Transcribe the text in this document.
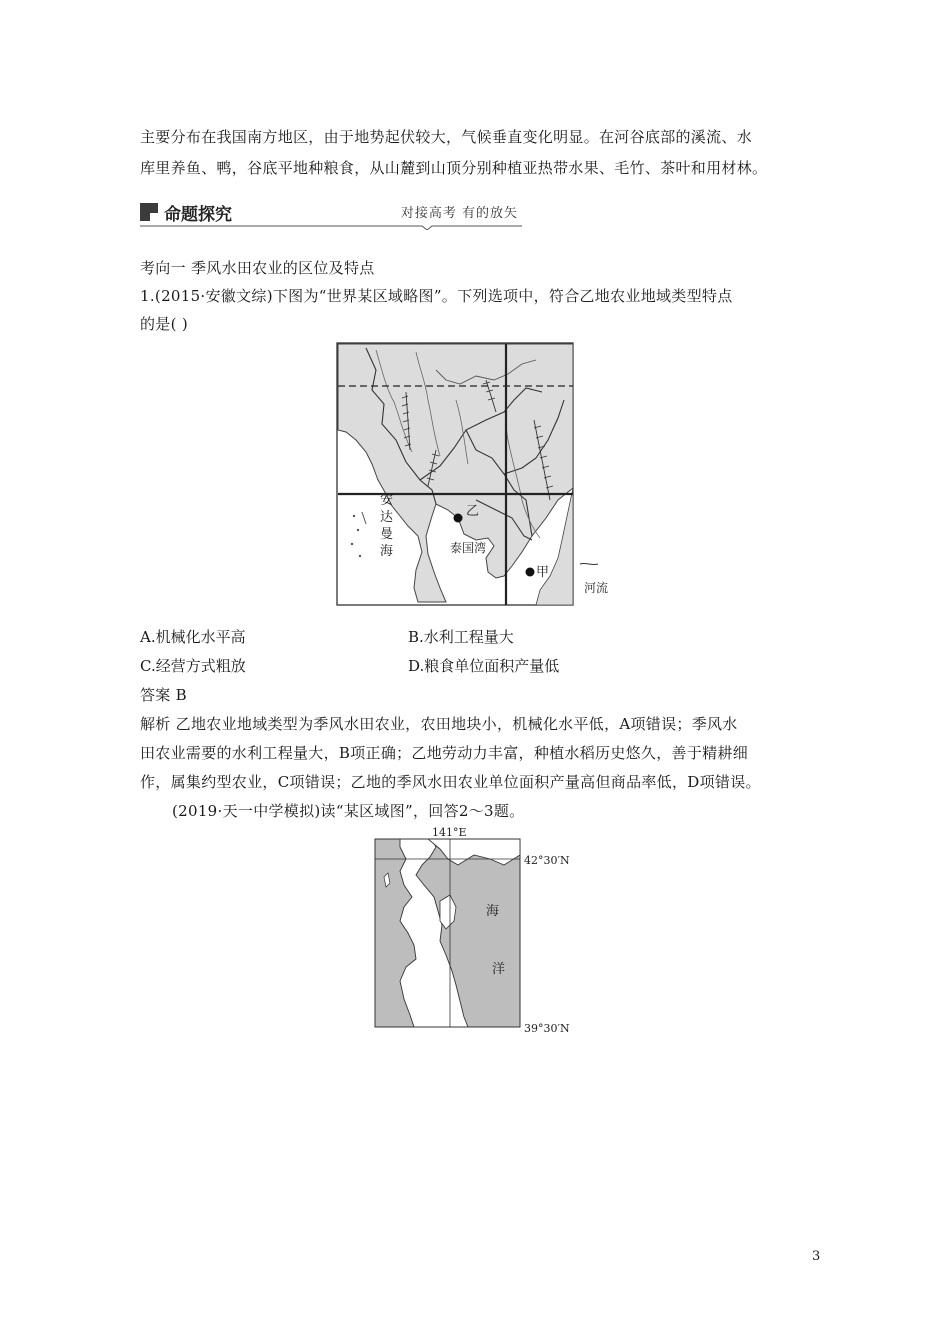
主要分布在我国南方地区，由于地势起伏较大，气候垂直变化明显。在河谷底部的溪流、水
库里养鱼、鸭，谷底平地种粮食，从山麓到山顶分别种植亚热带水果、毛竹、茶叶和用材林。
命题探究	对接高考 有的放矢
考向一 季风水田农业的区位及特点
1.(2015·安徽文综)下图为“世界某区域略图”。下列选项中，符合乙地农业地域类型特点
的是( )
安
达
曼
海
乙
泰国湾
甲
河流
A.机械化水平高	B.水利工程量大
C.经营方式粗放	D.粮食单位面积产量低
答案 B
解析 乙地农业地域类型为季风水田农业，农田地块小，机械化水平低，A项错误；季风水
田农业需要的水利工程量大，B项正确；乙地劳动力丰富，种植水稻历史悠久，善于精耕细
作，属集约型农业，C项错误；乙地的季风水田农业单位面积产量高但商品率低，D项错误。
(2019·天一中学模拟)读“某区域图”，回答2～3题。
141°E
42°30′N
39°30′N
海
洋
3
